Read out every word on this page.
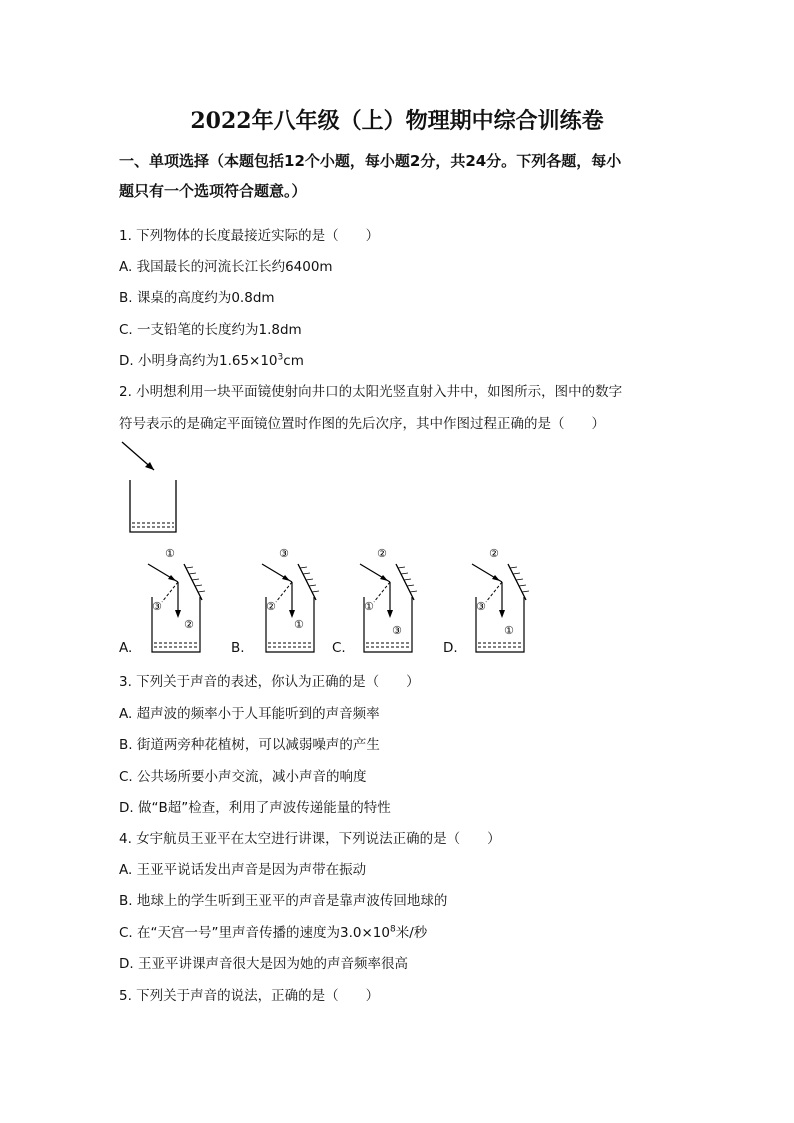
2022年八年级（上）物理期中综合训练卷
一、单项选择（本题包括12个小题，每小题2分，共24分。下列各题，每小
题只有一个选项符合题意。）
1. 下列物体的长度最接近实际的是（　　）
A. 我国最长的河流长江长约6400m
B. 课桌的高度约为0.8dm
C. 一支铅笔的长度约为1.8dm
D. 小明身高约为$1.65\times 10^3cm$
2. 小明想利用一块平面镜使射向井口的太阳光竖直射入井中，如图所示，图中的数字
符号表示的是确定平面镜位置时作图的先后次序，其中作图过程正确的是（　　）
①
③
②
A.
③
②
①
B.
②
①
③
C.
②
③
①
D.
3. 下列关于声音的表述，你认为正确的是（　　）
A. 超声波的频率小于人耳能听到的声音频率
B. 街道两旁种花植树，可以减弱噪声的产生
C. 公共场所要小声交流，减小声音的响度
D. 做“B超”检查，利用了声波传递能量的特性
4. 女宇航员王亚平在太空进行讲课，下列说法正确的是（　　）
A. 王亚平说话发出声音是因为声带在振动
B. 地球上的学生听到王亚平的声音是靠声波传回地球的
C. 在“天宫一号”里声音传播的速度为$3.0\times 10^8$米/秒
D. 王亚平讲课声音很大是因为她的声音频率很高
5. 下列关于声音的说法，正确的是（　　）
